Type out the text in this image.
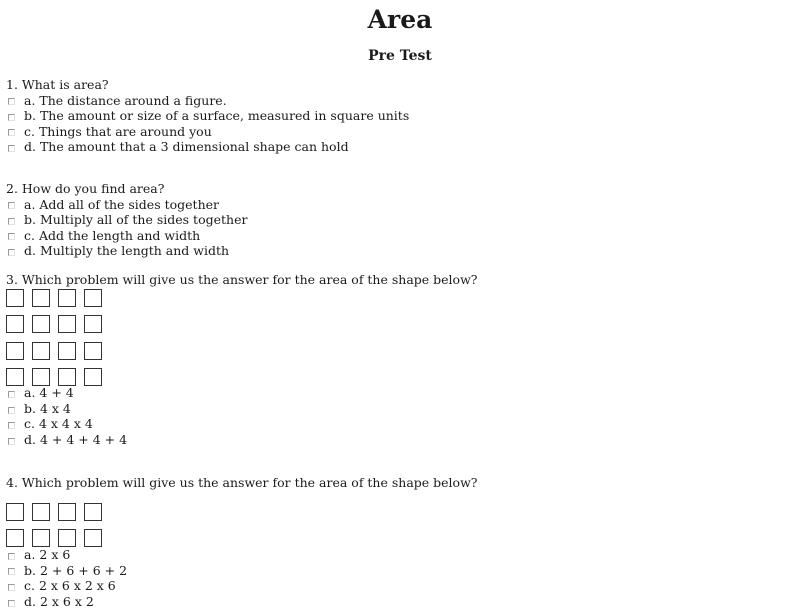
Area
Pre Test
1. What is area?
a. The distance around a figure.
b. The amount or size of a surface, measured in square units
c. Things that are around you
d. The amount that a 3 dimensional shape can hold
2. How do you find area?
a. Add all of the sides together
b. Multiply all of the sides together
c. Add the length and width
d. Multiply the length and width
3. Which problem will give us the answer for the area of the shape below?
a. 4 + 4
b. 4 x 4
c. 4 x 4 x 4
d. 4 + 4 + 4 + 4
4. Which problem will give us the answer for the area of the shape below?
a. 2 x 6
b. 2 + 6 + 6 + 2
c. 2 x 6 x 2 x 6
d. 2 x 6 x 2
